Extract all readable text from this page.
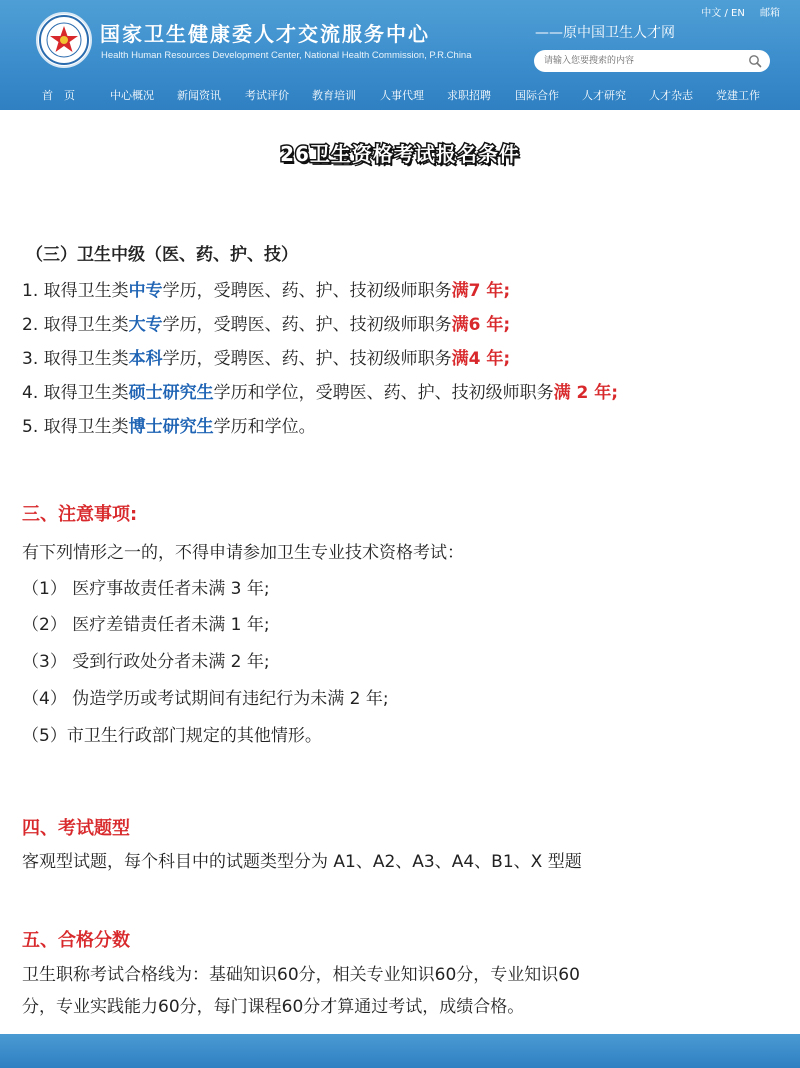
国家卫生健康委人才交流服务中心
Health Human Resources Development Center, National Health Commission, P.R.China
——原中国卫生人才网
中文 / EN 邮箱
请输入您要搜索的内容
首　页	中心概况 新闻资讯 考试评价 教育培训 人事代理 求职招聘 国际合作 人才研究 人才杂志 党建工作
26卫生资格考试报名条件
（三）卫生中级（医、药、护、技）
1. 取得卫生类中专学历，受聘医、药、护、技初级师职务满7 年;
2. 取得卫生类大专学历，受聘医、药、护、技初级师职务满6 年;
3. 取得卫生类本科学历，受聘医、药、护、技初级师职务满4 年;
4. 取得卫生类硕士研究生学历和学位，受聘医、药、护、技初级师职务满 2 年;
5. 取得卫生类博士研究生学历和学位。
三、注意事项:
有下列情形之一的，不得申请参加卫生专业技术资格考试：
（1） 医疗事故责任者未满 3 年;
（2） 医疗差错责任者未满 1 年;
（3） 受到行政处分者未满 2 年;
（4） 伪造学历或考试期间有违纪行为未满 2 年;
（5）市卫生行政部门规定的其他情形。
四、考试题型
客观型试题，每个科目中的试题类型分为 A1、A2、A3、A4、B1、X 型题
五、合格分数
卫生职称考试合格线为：基础知识60分，相关专业知识60分，专业知识60
分，专业实践能力60分，每门课程60分才算通过考试，成绩合格。
